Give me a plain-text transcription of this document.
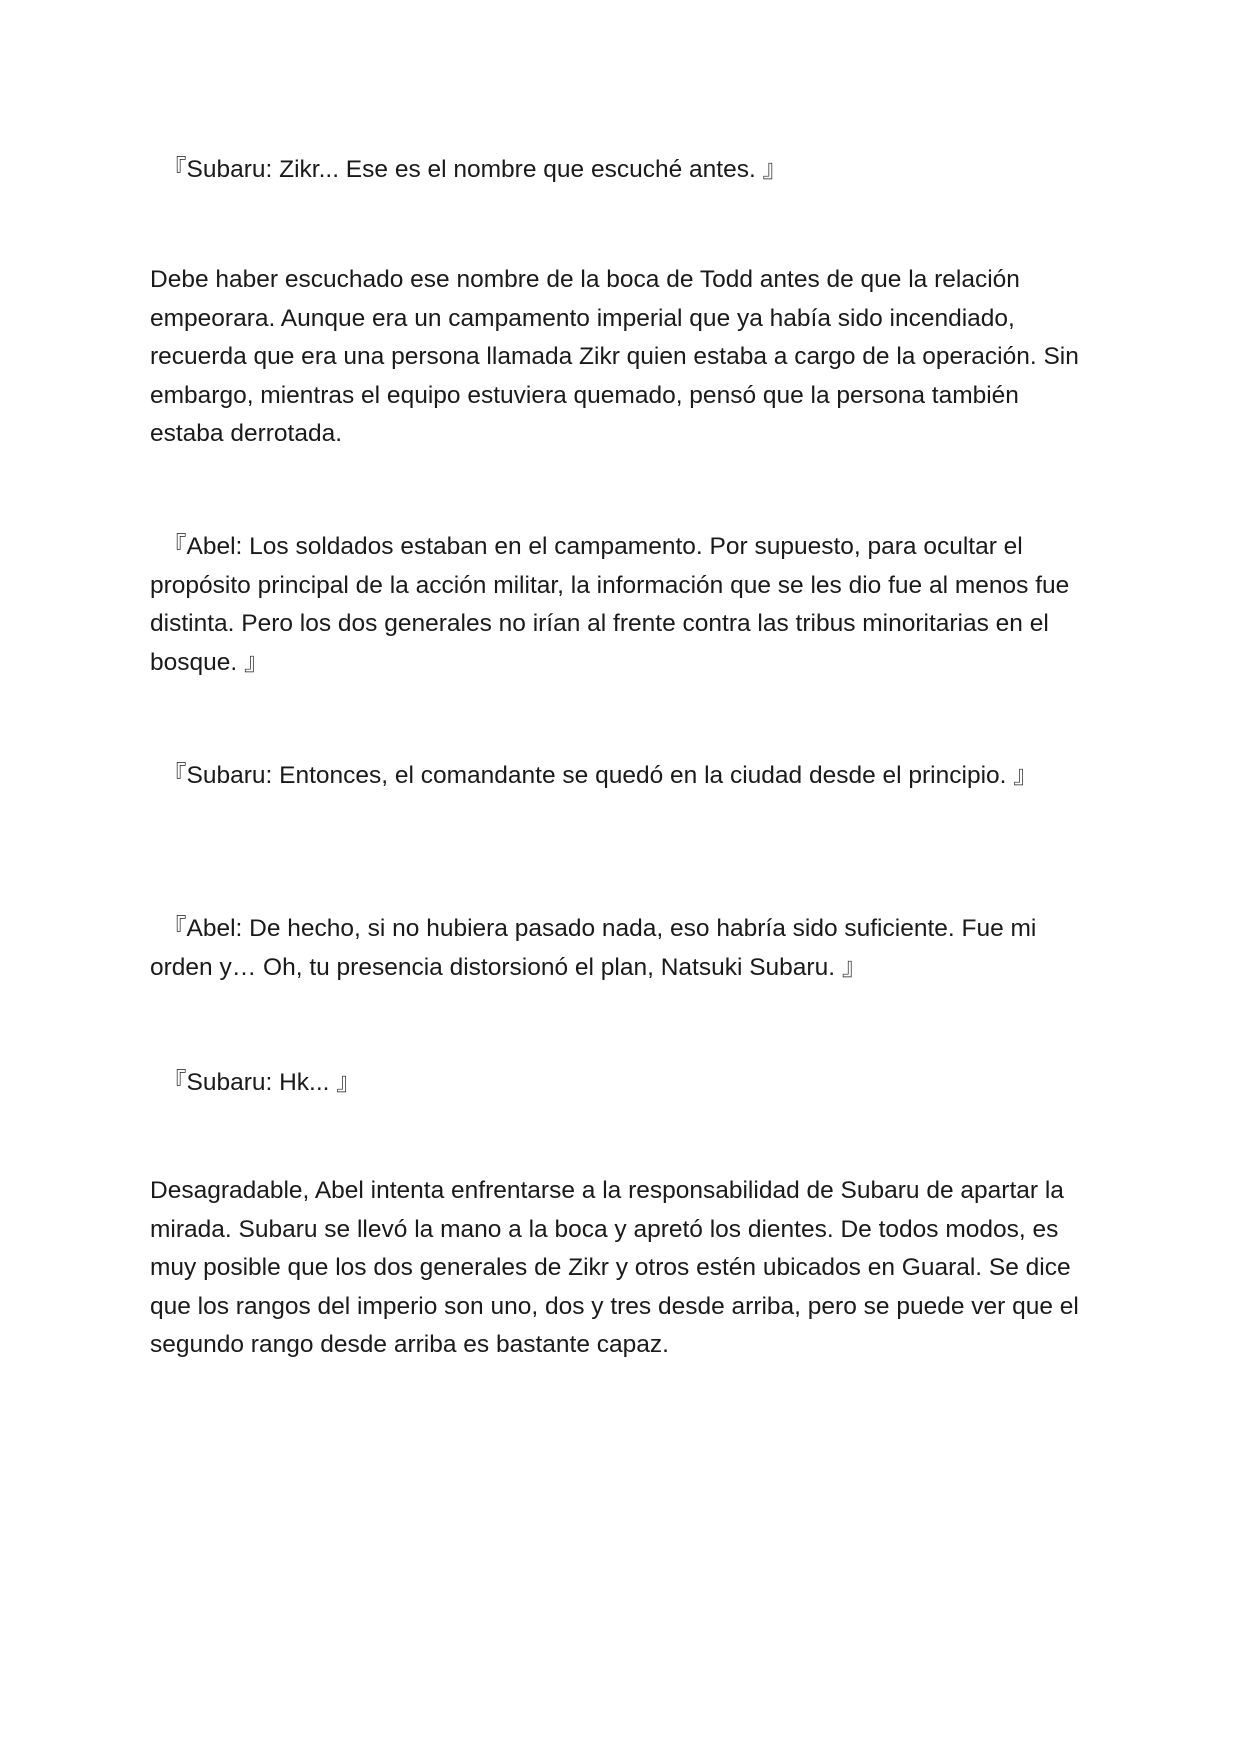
『Subaru: Zikr... Ese es el nombre que escuché antes. 』

Debe haber escuchado ese nombre de la boca de Todd antes de que la relación empeorara. Aunque era un campamento imperial que ya había sido incendiado, recuerda que era una persona llamada Zikr quien estaba a cargo de la operación. Sin embargo, mientras el equipo estuviera quemado, pensó que la persona también estaba derrotada.

『Abel: Los soldados estaban en el campamento. Por supuesto, para ocultar el propósito principal de la acción militar, la información que se les dio fue al menos fue distinta. Pero los dos generales no irían al frente contra las tribus minoritarias en el bosque. 』

『Subaru: Entonces, el comandante se quedó en la ciudad desde el principio. 』

『Abel: De hecho, si no hubiera pasado nada, eso habría sido suficiente. Fue mi orden y… Oh, tu presencia distorsionó el plan, Natsuki Subaru. 』

『Subaru: Hk... 』

Desagradable, Abel intenta enfrentarse a la responsabilidad de Subaru de apartar la mirada. Subaru se llevó la mano a la boca y apretó los dientes. De todos modos, es muy posible que los dos generales de Zikr y otros estén ubicados en Guaral. Se dice que los rangos del imperio son uno, dos y tres desde arriba, pero se puede ver que el segundo rango desde arriba es bastante capaz.
